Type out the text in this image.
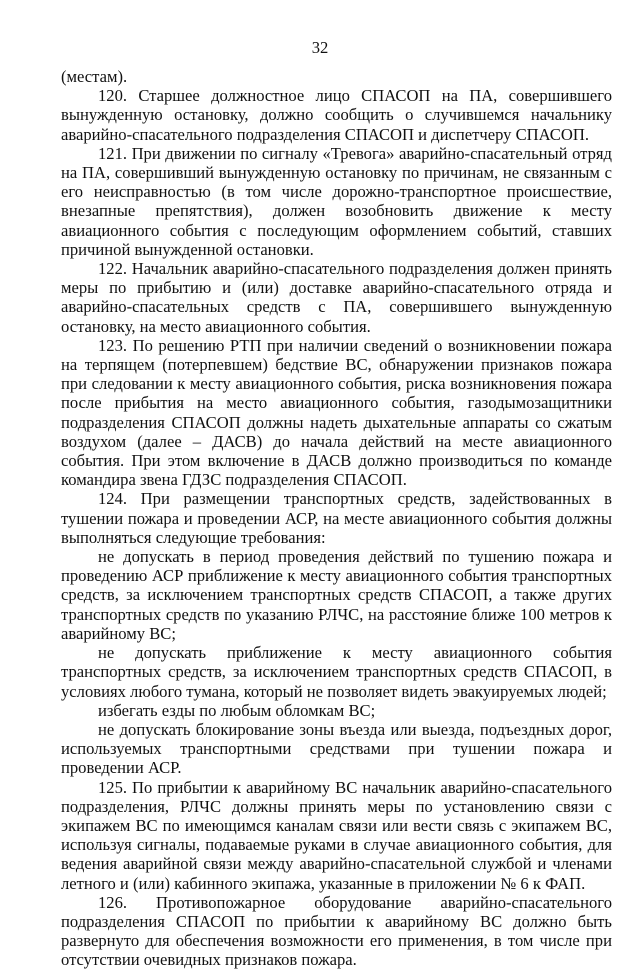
32

(местам).

120. Старшее должностное лицо СПАСОП на ПА, совершившего вынужденную остановку, должно сообщить о случившемся начальнику аварийно-спасательного подразделения СПАСОП и диспетчеру СПАСОП.

121. При движении по сигналу «Тревога» аварийно-спасательный отряд на ПА, совершивший вынужденную остановку по причинам, не связанным с его неисправностью (в том числе дорожно-транспортное происшествие, внезапные препятствия), должен возобновить движение к месту авиационного события с последующим оформлением событий, ставших причиной вынужденной остановки.

122. Начальник аварийно-спасательного подразделения должен принять меры по прибытию и (или) доставке аварийно-спасательного отряда и аварийно-спасательных средств с ПА, совершившего вынужденную остановку, на место авиационного события.

123. По решению РТП при наличии сведений о возникновении пожара на терпящем (потерпевшем) бедствие ВС, обнаружении признаков пожара при следовании к месту авиационного события, риска возникновения пожара после прибытия на место авиационного события, газодымозащитники подразделения СПАСОП должны надеть дыхательные аппараты со сжатым воздухом (далее – ДАСВ) до начала действий на месте авиационного события. При этом включение в ДАСВ должно производиться по команде командира звена ГДЗС подразделения СПАСОП.

124. При размещении транспортных средств, задействованных в тушении пожара и проведении АСР, на месте авиационного события должны выполняться следующие требования:

не допускать в период проведения действий по тушению пожара и проведению АСР приближение к месту авиационного события транспортных средств, за исключением транспортных средств СПАСОП, а также других транспортных средств по указанию РЛЧС, на расстояние ближе 100 метров к аварийному ВС;

не допускать приближение к месту авиационного события транспортных средств, за исключением транспортных средств СПАСОП, в условиях любого тумана, который не позволяет видеть эвакуируемых людей;

избегать езды по любым обломкам ВС;

не допускать блокирование зоны въезда или выезда, подъездных дорог, используемых транспортными средствами при тушении пожара и проведении АСР.

125. По прибытии к аварийному ВС начальник аварийно-спасательного подразделения, РЛЧС должны принять меры по установлению связи с экипажем ВС по имеющимся каналам связи или вести связь с экипажем ВС, используя сигналы, подаваемые руками в случае авиационного события, для ведения аварийной связи между аварийно-спасательной службой и членами летного и (или) кабинного экипажа, указанные в приложении № 6 к ФАП.

126. Противопожарное оборудование аварийно-спасательного подразделения СПАСОП по прибытии к аварийному ВС должно быть развернуто для обеспечения возможности его применения, в том числе при отсутствии очевидных признаков пожара.
